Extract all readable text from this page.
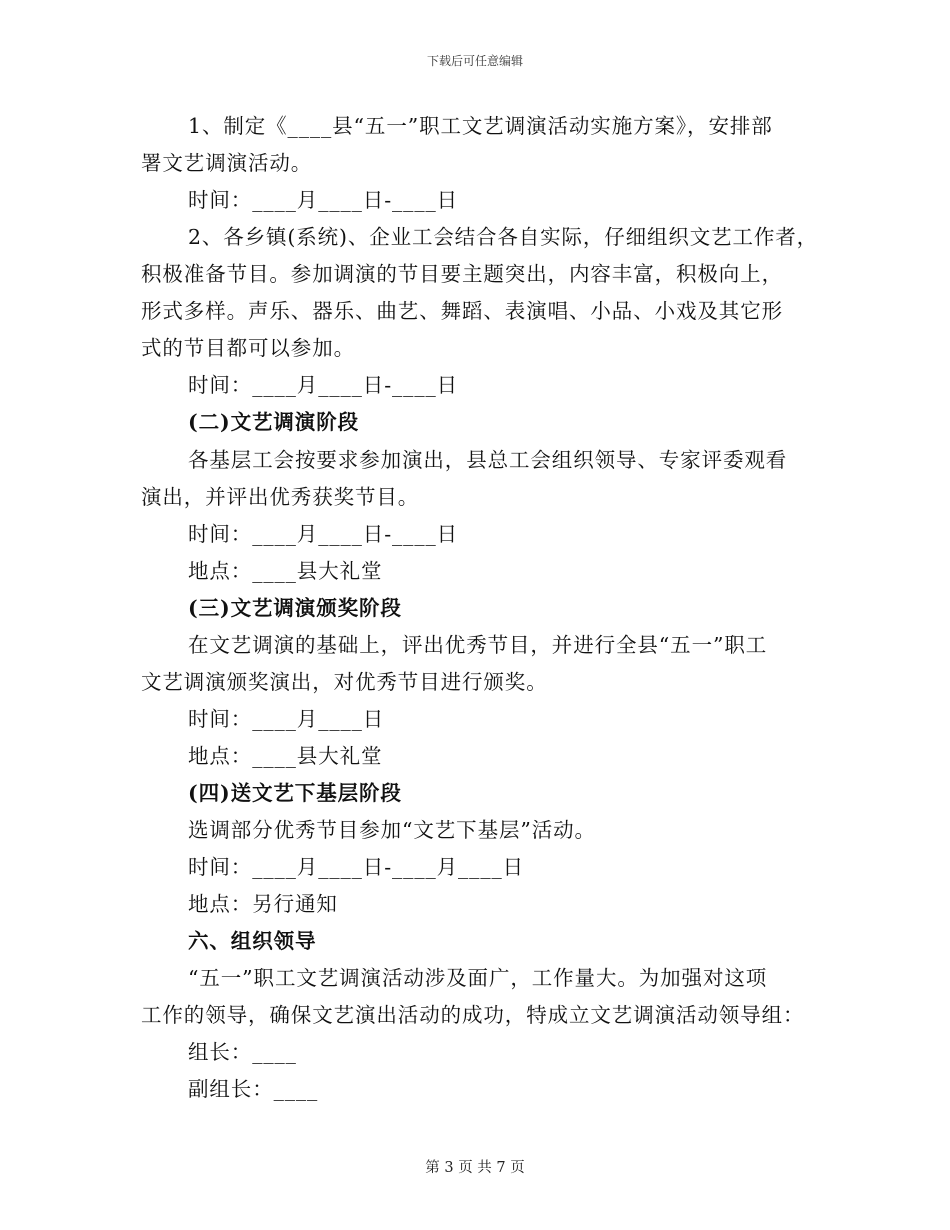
下载后可任意编辑
1、制定《____县“五一”职工文艺调演活动实施方案》，安排部
署文艺调演活动。
时间：____月____日-____日
2、各乡镇(系统)、企业工会结合各自实际，仔细组织文艺工作者，
积极准备节目。参加调演的节目要主题突出，内容丰富，积极向上，
形式多样。声乐、器乐、曲艺、舞蹈、表演唱、小品、小戏及其它形
式的节目都可以参加。
时间：____月____日-____日
(二)文艺调演阶段
各基层工会按要求参加演出，县总工会组织领导、专家评委观看
演出，并评出优秀获奖节目。
时间：____月____日-____日
地点：____县大礼堂
(三)文艺调演颁奖阶段
在文艺调演的基础上，评出优秀节目，并进行全县“五一”职工
文艺调演颁奖演出，对优秀节目进行颁奖。
时间：____月____日
地点：____县大礼堂
(四)送文艺下基层阶段
选调部分优秀节目参加“文艺下基层”活动。
时间：____月____日-____月____日
地点：另行通知
六、组织领导
“五一”职工文艺调演活动涉及面广，工作量大。为加强对这项
工作的领导，确保文艺演出活动的成功，特成立文艺调演活动领导组：
组长：____
副组长：____
第 3 页 共 7 页
